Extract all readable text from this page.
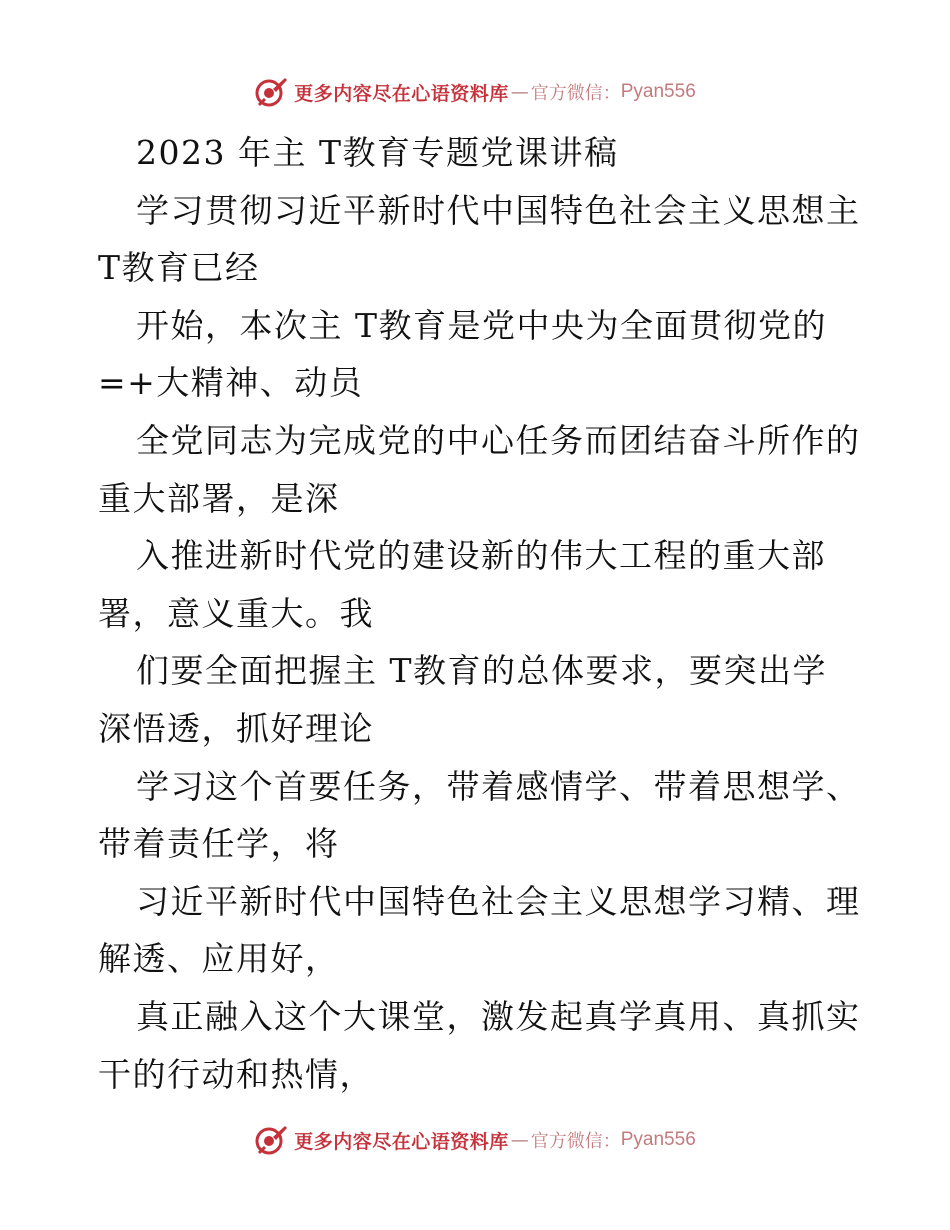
更多内容尽在心语资料库 — 官方微信： Pyan556
2023 年主 T教育专题党课讲稿
学习贯彻习近平新时代中国特色社会主义思想主
T教育已经
开始，本次主 T教育是党中央为全面贯彻党的
=+大精神、动员
全党同志为完成党的中心任务而团结奋斗所作的
重大部署，是深
入推进新时代党的建设新的伟大工程的重大部
署，意义重大。我
们要全面把握主 T教育的总体要求，要突出学
深悟透，抓好理论
学习这个首要任务，带着感情学、带着思想学、
带着责任学，将
习近平新时代中国特色社会主义思想学习精、理
解透、应用好，
真正融入这个大课堂，激发起真学真用、真抓实
干的行动和热情，
更多内容尽在心语资料库 — 官方微信： Pyan556
